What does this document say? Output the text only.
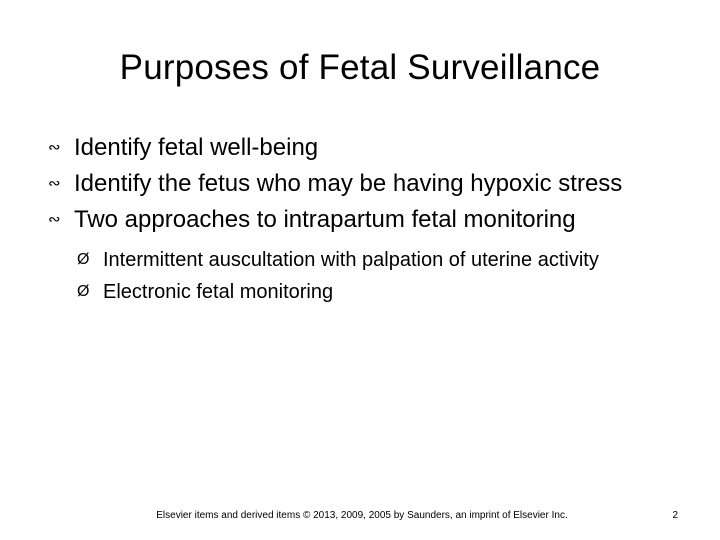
Purposes of Fetal Surveillance
∾ Identify fetal well-being
∾ Identify the fetus who may be having hypoxic stress
∾ Two approaches to intrapartum fetal monitoring
Ø Intermittent auscultation with palpation of uterine activity
Ø Electronic fetal monitoring
Elsevier items and derived items © 2013, 2009, 2005 by Saunders, an imprint of Elsevier Inc.	2
